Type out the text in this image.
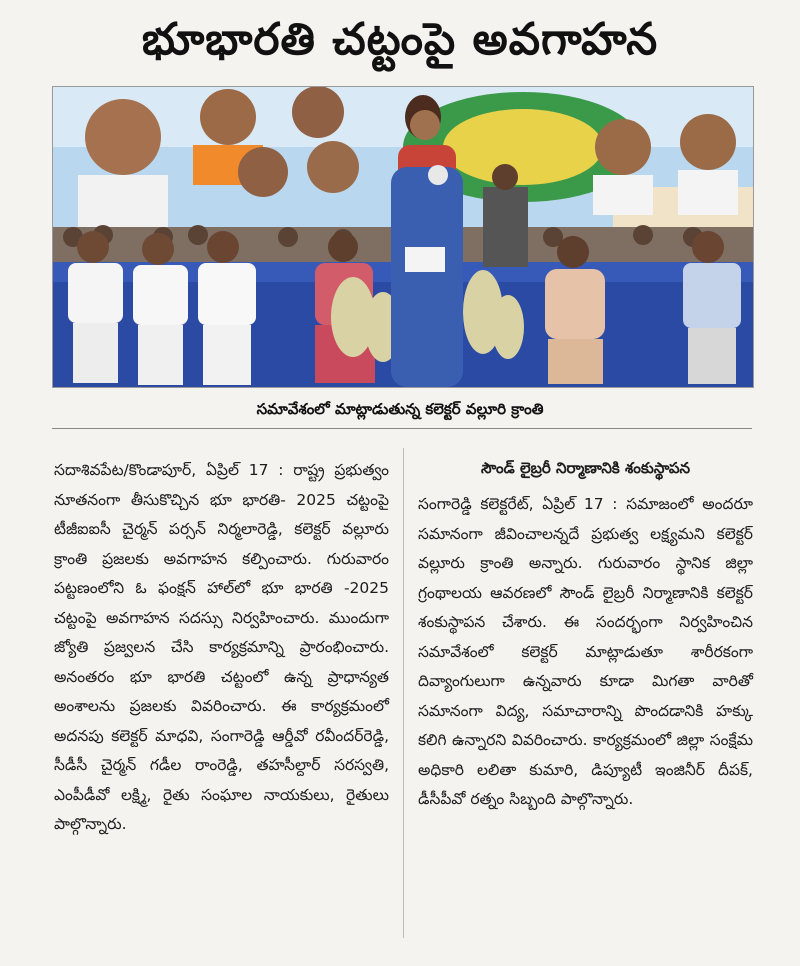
భూభారతి చట్టంపై అవగాహన
సమావేశంలో మాట్లాడుతున్న కలెక్టర్ వల్లూరి క్రాంతి
సదాశివపేట/కొండాపూర్, ఏప్రిల్ 17 : రాష్ట్ర ప్రభుత్వం నూతనంగా తీసుకొచ్చిన భూ భారతి- 2025 చట్టంపై టీజీఐఐసీ చైర్మన్ పర్సన్ నిర్మలారెడ్డి, కలెక్టర్ వల్లూరు క్రాంతి ప్రజలకు అవగాహన కల్పించారు. గురువారం పట్టణంలోని ఓ ఫంక్షన్ హాల్‌లో భూ భారతి -2025 చట్టంపై అవగాహన సదస్సు నిర్వహించారు. ముందుగా జ్యోతి ప్రజ్వలన చేసి కార్యక్రమాన్ని ప్రారంభించారు. అనంతరం భూ భారతి చట్టంలో ఉన్న ప్రాధాన్యత అంశాలను ప్రజలకు వివరించారు. ఈ కార్యక్రమంలో అదనపు కలెక్టర్ మాధవి, సంగారెడ్డి ఆర్డీవో రవీందర్‌రెడ్డి, సీడీసీ చైర్మన్ గడీల రాంరెడ్డి, తహసీల్దార్ సరస్వతి, ఎంపీడీవో లక్ష్మి, రైతు సంఘాల నాయకులు, రైతులు పాల్గొన్నారు.
సౌండ్ లైబ్రరీ నిర్మాణానికి శంకుస్థాపన
సంగారెడ్డి కలెక్టరేట్, ఏప్రిల్ 17 : సమాజంలో అందరూ సమానంగా జీవించాలన్నదే ప్రభుత్వ లక్ష్యమని కలెక్టర్ వల్లూరు క్రాంతి అన్నారు. గురువారం స్థానిక జిల్లా గ్రంథాలయ ఆవరణలో సౌండ్ లైబ్రరీ నిర్మాణానికి కలెక్టర్ శంకుస్థాపన చేశారు. ఈ సందర్భంగా నిర్వహించిన సమావేశంలో కలెక్టర్ మాట్లాడుతూ శారీరకంగా దివ్యాంగులుగా ఉన్నవారు కూడా మిగతా వారితో సమానంగా విద్య, సమాచారాన్ని పొందడానికి హక్కు కలిగి ఉన్నారని వివరించారు. కార్యక్రమంలో జిల్లా సంక్షేమ అధికారి లలితా కుమారి, డిప్యూటీ ఇంజినీర్ దీపక్, డీసీపీవో రత్నం సిబ్బంది పాల్గొన్నారు.
